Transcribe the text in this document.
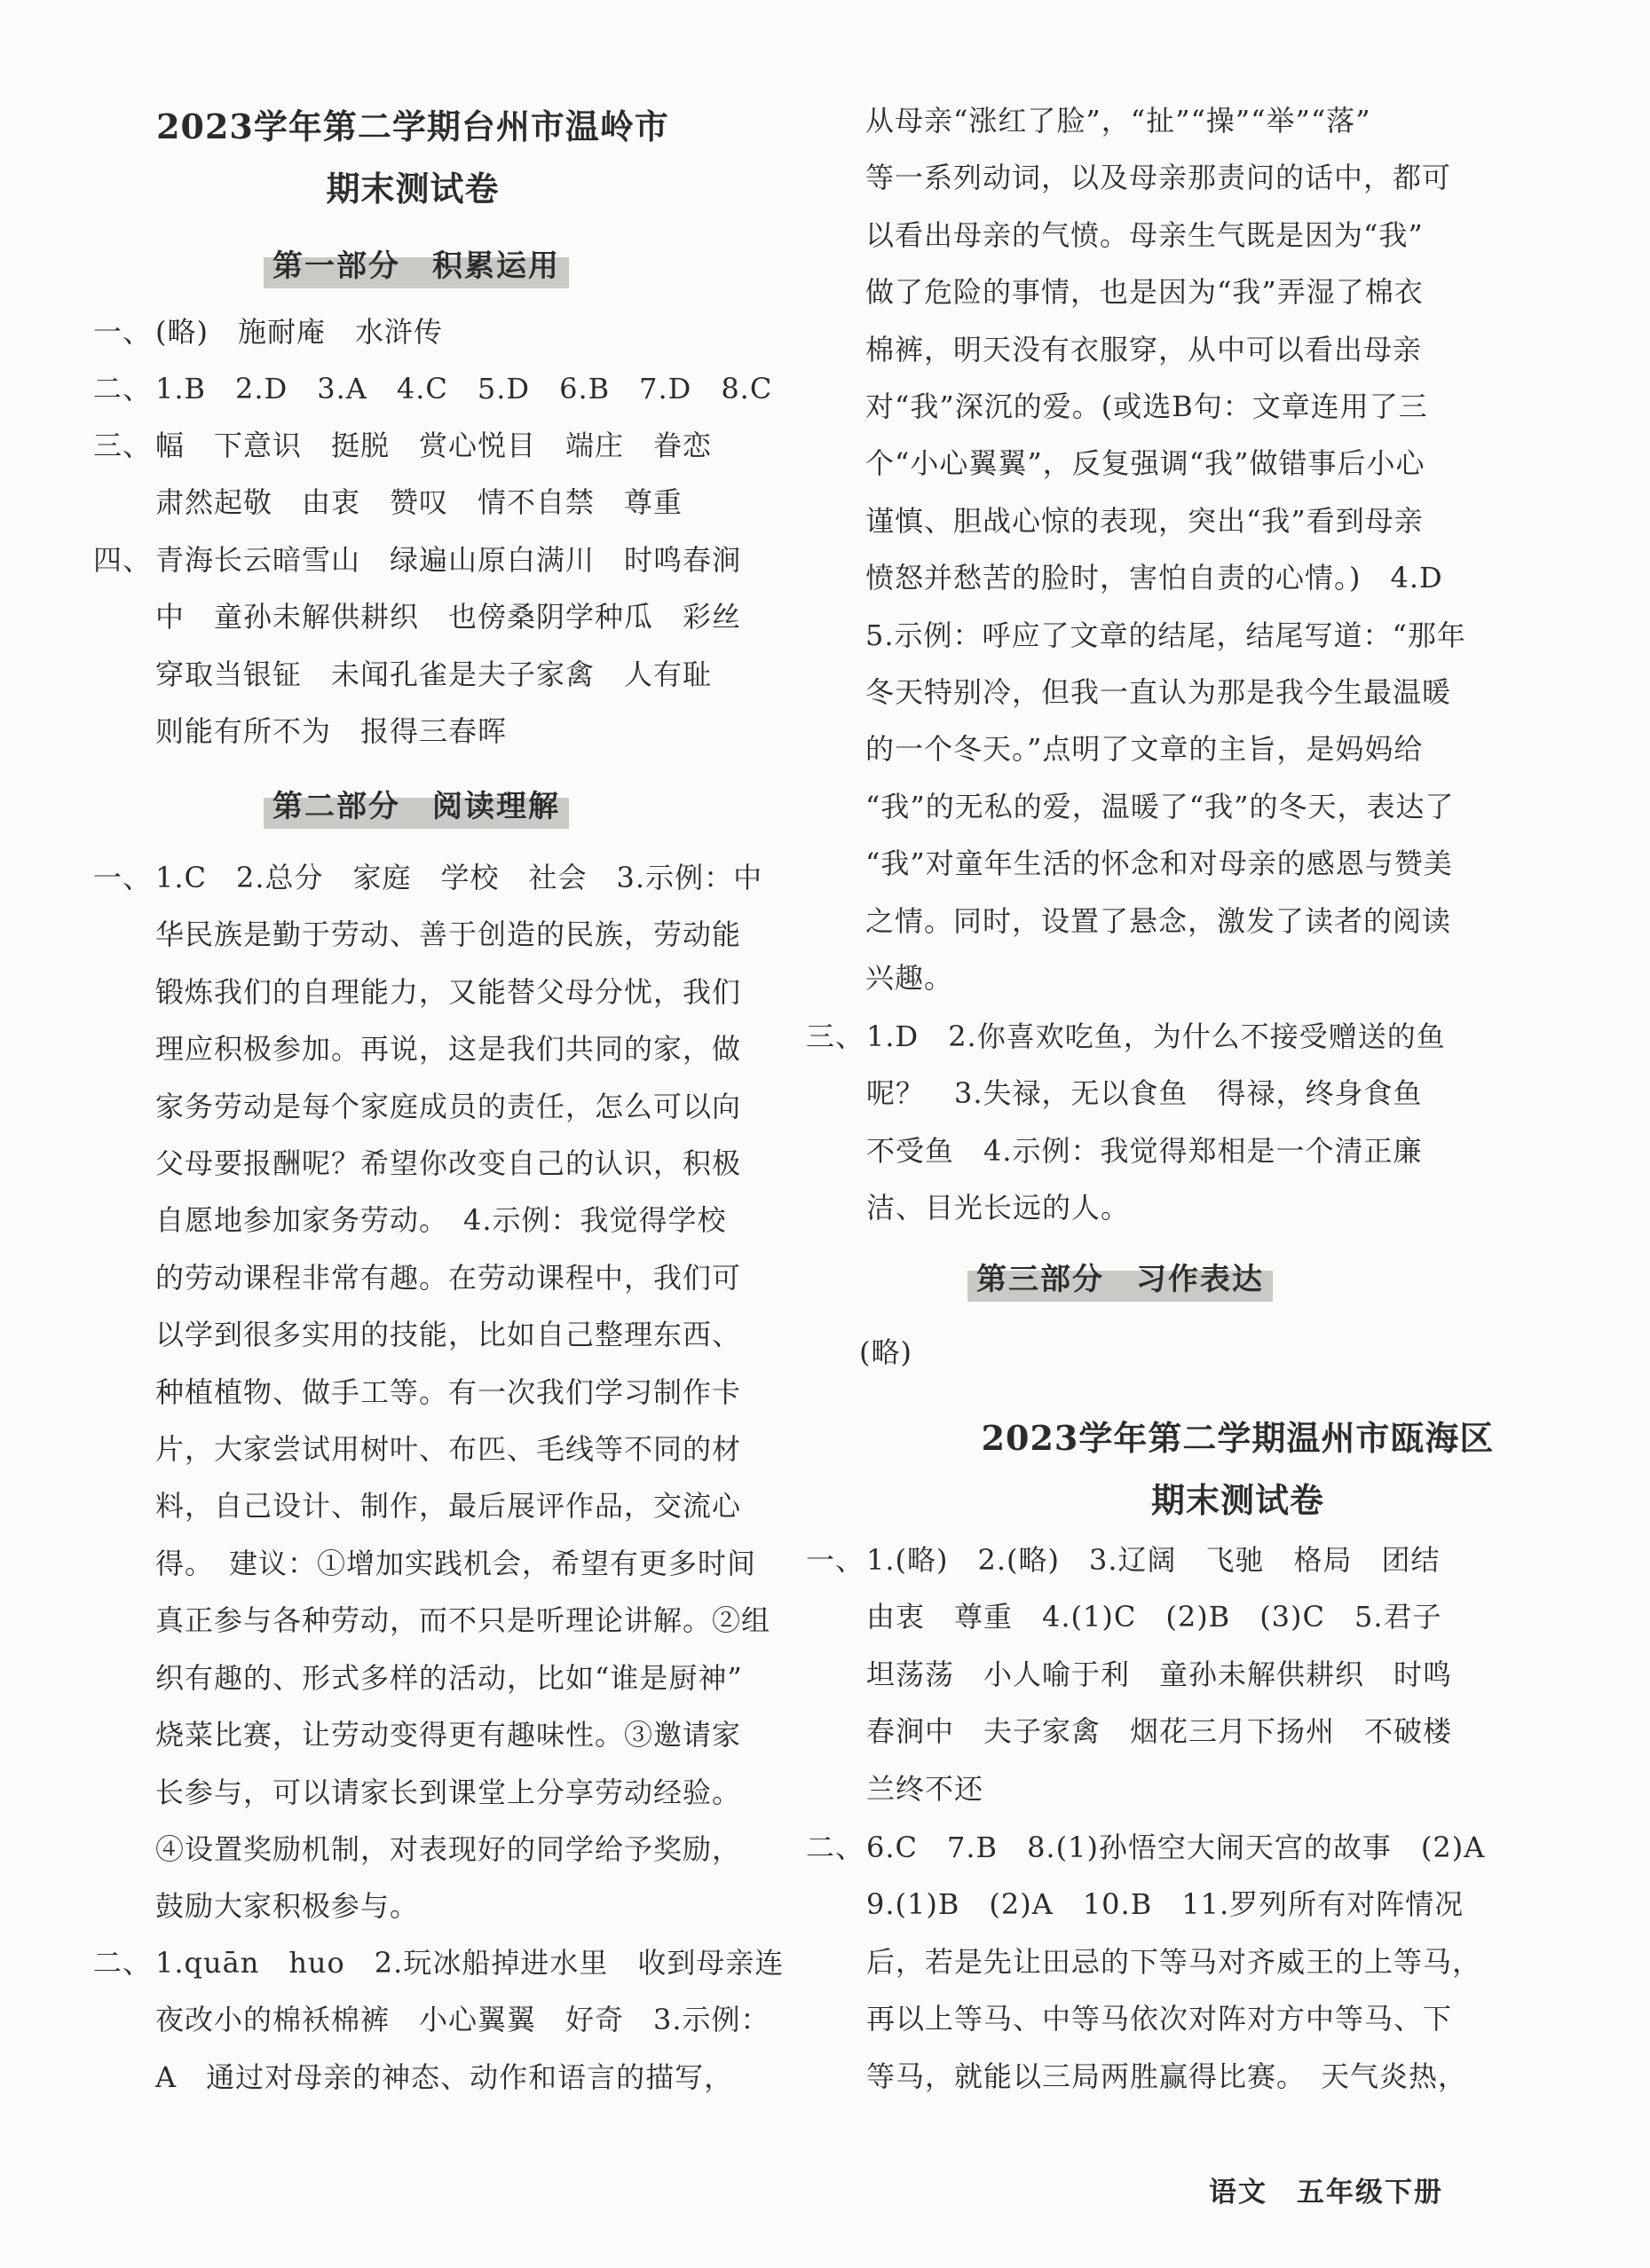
2023学年第二学期台州市温岭市
期末测试卷
第一部分　积累运用
一、 (略)　施耐庵　水浒传
二、 1.B　2.D　3.A　4.C　5.D　6.B　7.D　8.C
三、 幅　下意识　挺脱　赏心悦目　端庄　眷恋
肃然起敬　由衷　赞叹　情不自禁　尊重
四、 青海长云暗雪山　绿遍山原白满川　时鸣春涧
中　童孙未解供耕织　也傍桑阴学种瓜　彩丝
穿取当银钲　未闻孔雀是夫子家禽　人有耻
则能有所不为　报得三春晖
第二部分　阅读理解
一、 1.C　2.总分　家庭　学校　社会　3.示例：中
华民族是勤于劳动、善于创造的民族，劳动能
锻炼我们的自理能力，又能替父母分忧，我们
理应积极参加。再说，这是我们共同的家，做
家务劳动是每个家庭成员的责任，怎么可以向
父母要报酬呢？希望你改变自己的认识，积极
自愿地参加家务劳动。　4.示例：我觉得学校
的劳动课程非常有趣。在劳动课程中，我们可
以学到很多实用的技能，比如自己整理东西、
种植植物、做手工等。有一次我们学习制作卡
片，大家尝试用树叶、布匹、毛线等不同的材
料，自己设计、制作，最后展评作品，交流心
得。　建议：①增加实践机会，希望有更多时间
真正参与各种劳动，而不只是听理论讲解。②组
织有趣的、形式多样的活动，比如“谁是厨神”
烧菜比赛，让劳动变得更有趣味性。③邀请家
长参与，可以请家长到课堂上分享劳动经验。
④设置奖励机制，对表现好的同学给予奖励，
鼓励大家积极参与。
二、 1.quān　huo　2.玩冰船掉进水里　收到母亲连
夜改小的棉袄棉裤　小心翼翼　好奇　3.示例：
A　通过对母亲的神态、动作和语言的描写，
从母亲“涨红了脸”，“扯”“操”“举”“落”
等一系列动词，以及母亲那责问的话中，都可
以看出母亲的气愤。母亲生气既是因为“我”
做了危险的事情，也是因为“我”弄湿了棉衣
棉裤，明天没有衣服穿，从中可以看出母亲
对“我”深沉的爱。(或选B句：文章连用了三
个“小心翼翼”，反复强调“我”做错事后小心
谨慎、胆战心惊的表现，突出“我”看到母亲
愤怒并愁苦的脸时，害怕自责的心情。)　4.D
5.示例：呼应了文章的结尾，结尾写道：“那年
冬天特别冷，但我一直认为那是我今生最温暖
的一个冬天。”点明了文章的主旨，是妈妈给
“我”的无私的爱，温暖了“我”的冬天，表达了
“我”对童年生活的怀念和对母亲的感恩与赞美
之情。同时，设置了悬念，激发了读者的阅读
兴趣。
三、 1.D　2.你喜欢吃鱼，为什么不接受赠送的鱼
呢？　3.失禄，无以食鱼　得禄，终身食鱼
不受鱼　4.示例：我觉得郑相是一个清正廉
洁、目光长远的人。
第三部分　习作表达
(略)
2023学年第二学期温州市瓯海区
期末测试卷
一、 1.(略)　2.(略)　3.辽阔　飞驰　格局　团结
由衷　尊重　4.(1)C　(2)B　(3)C　5.君子
坦荡荡　小人喻于利　童孙未解供耕织　时鸣
春涧中　夫子家禽　烟花三月下扬州　不破楼
兰终不还
二、 6.C　7.B　8.(1)孙悟空大闹天宫的故事　(2)A
9.(1)B　(2)A　10.B　11.罗列所有对阵情况
后，若是先让田忌的下等马对齐威王的上等马，
再以上等马、中等马依次对阵对方中等马、下
等马，就能以三局两胜赢得比赛。　天气炎热，
语文　五年级下册
